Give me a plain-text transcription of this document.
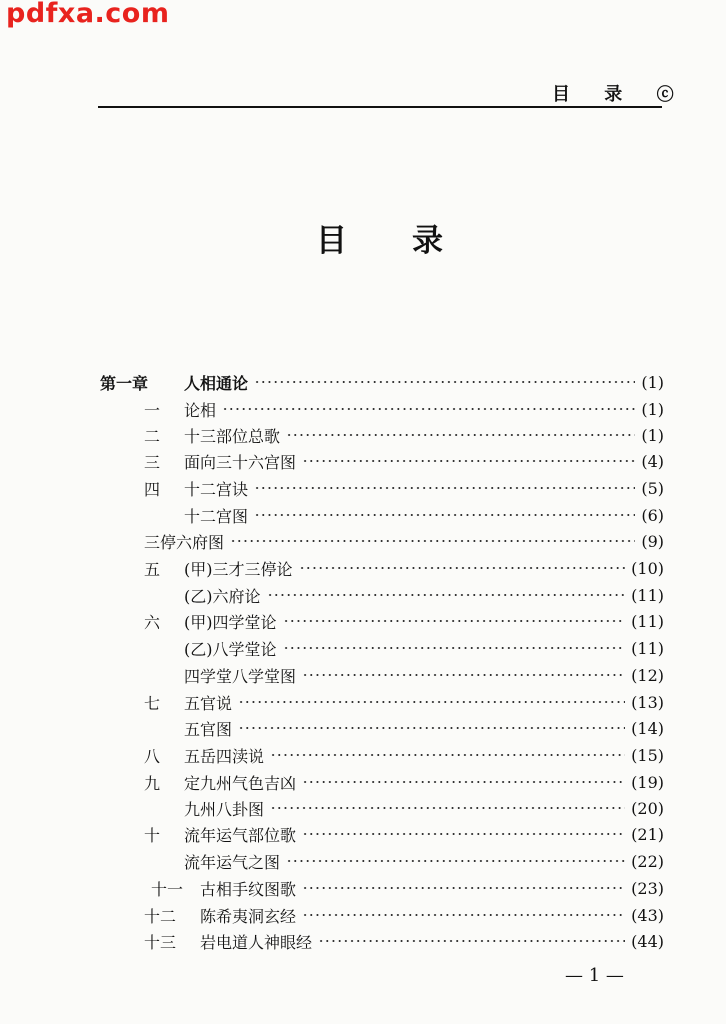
pdfxa.com
目 录 ⓒ
目 录
第一章 人相通论	(1)
一 论相	(1)
二 十三部位总歌	(1)
三 面向三十六宫图	(4)
四 十二宫诀	(5)
十二宫图	(6)
三停六府图	(9)
五 (甲)三才三停论	(10)
(乙)六府论	(11)
六 (甲)四学堂论	(11)
(乙)八学堂论	(11)
四学堂八学堂图	(12)
七 五官说	(13)
五官图	(14)
八 五岳四渎说	(15)
九 定九州气色吉凶	(19)
九州八卦图	(20)
十 流年运气部位歌	(21)
流年运气之图	(22)
十一 古相手纹图歌	(23)
十二 陈希夷洞玄经	(43)
十三 岩电道人神眼经	(44)
— 1 —
